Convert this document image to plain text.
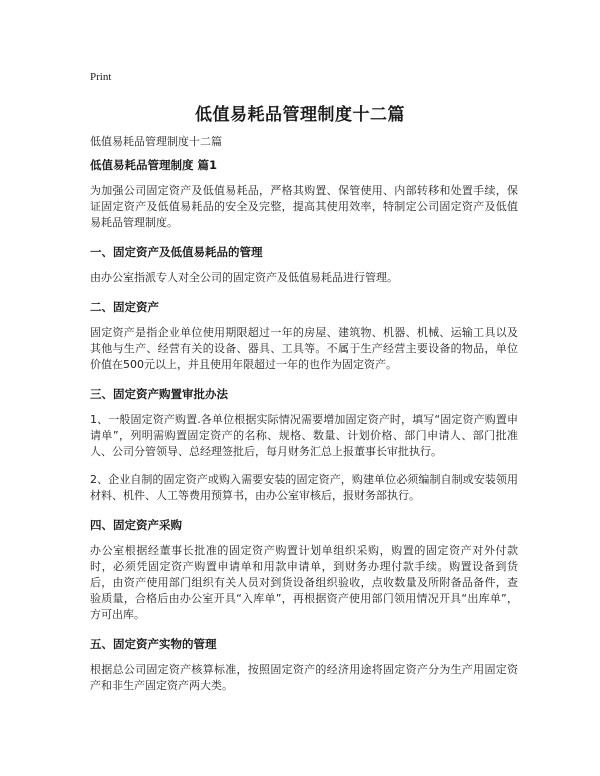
Print
低值易耗品管理制度十二篇
低值易耗品管理制度十二篇
低值易耗品管理制度 篇1
为加强公司固定资产及低值易耗品，严格其购置、保管使用、内部转移和处置手续，保证固定资产及低值易耗品的安全及完整，提高其使用效率，特制定公司固定资产及低值易耗品管理制度。
一、固定资产及低值易耗品的管理
由办公室指派专人对全公司的固定资产及低值易耗品进行管理。
二、固定资产
固定资产是指企业单位使用期限超过一年的房屋、建筑物、机器、机械、运输工具以及其他与生产、经营有关的设备、器具、工具等。不属于生产经营主要设备的物品，单位价值在500元以上，并且使用年限超过一年的也作为固定资产。
三、固定资产购置审批办法
1、一般固定资产购置.各单位根据实际情况需要增加固定资产时，填写“固定资产购置申请单”，列明需购置固定资产的名称、规格、数量、计划价格、部门申请人、部门批准人、公司分管领导、总经理签批后，每月财务汇总上报董事长审批执行。
2、企业自制的固定资产或购入需要安装的固定资产，购建单位必须编制自制或安装领用材料、机件、人工等费用预算书，由办公室审核后，报财务部执行。
四、固定资产采购
办公室根据经董事长批准的固定资产购置计划单组织采购，购置的固定资产对外付款时，必须凭固定资产购置申请单和用款申请单，到财务办理付款手续。购置设备到货后，由资产使用部门组织有关人员对到货设备组织验收，点收数量及所附备品备件，查验质量，合格后由办公室开具“入库单”，再根据资产使用部门领用情况开具“出库单”，方可出库。
五、固定资产实物的管理
根据总公司固定资产核算标准，按照固定资产的经济用途将固定资产分为生产用固定资产和非生产固定资产两大类。
